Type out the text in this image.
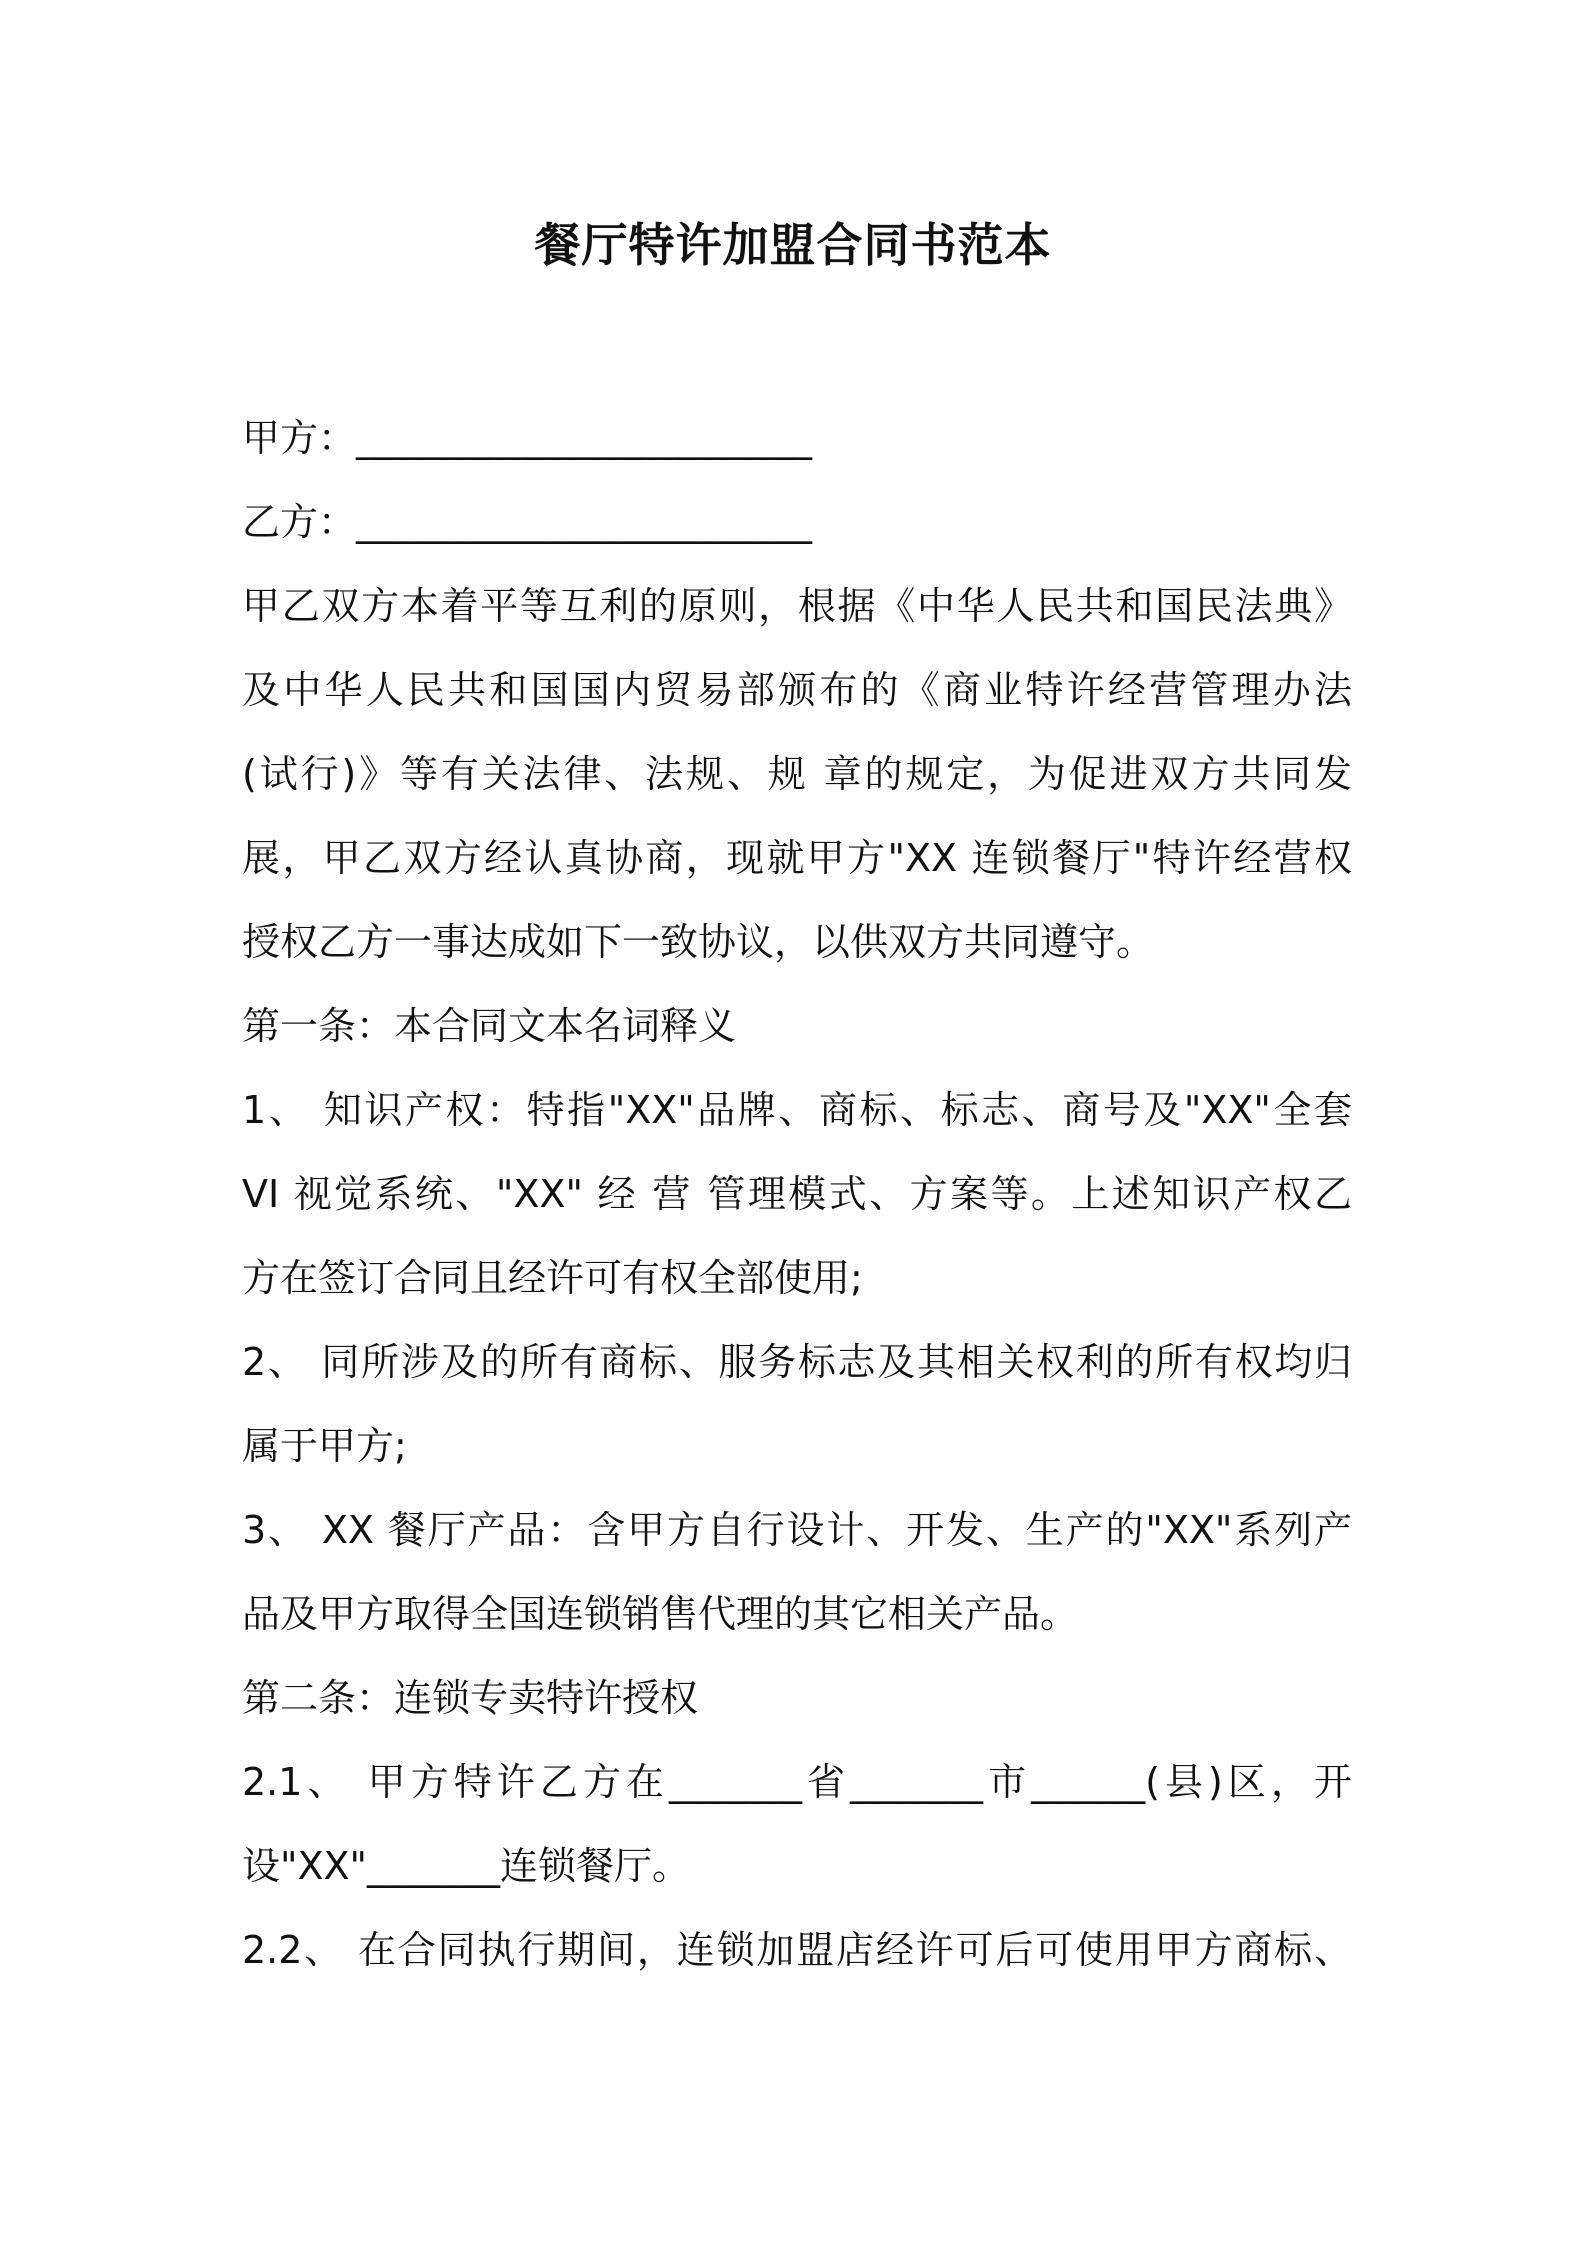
餐厅特许加盟合同书范本

甲方：________________________

乙方：________________________

甲乙双方本着平等互利的原则，根据《中华人民共和国民法典》

及中华人民共和国国内贸易部颁布的《商业特许经营管理办法

(试行)》等有关法律、法规、规 章的规定，为促进双方共同发

展，甲乙双方经认真协商，现就甲方"XX 连锁餐厅"特许经营权

授权乙方一事达成如下一致协议，以供双方共同遵守。

第一条：本合同文本名词释义

1、 知识产权：特指"XX"品牌、商标、标志、商号及"XX"全套

VI 视觉系统、"XX" 经 营 管理模式、方案等。上述知识产权乙

方在签订合同且经许可有权全部使用;

2、 同所涉及的所有商标、服务标志及其相关权利的所有权均归

属于甲方;

3、 XX 餐厅产品：含甲方自行设计、开发、生产的"XX"系列产

品及甲方取得全国连锁销售代理的其它相关产品。

第二条：连锁专卖特许授权

2.1、 甲方特许乙方在_______省_______市______(县)区，开

设"XX"_______连锁餐厅。

2.2、 在合同执行期间，连锁加盟店经许可后可使用甲方商标、
